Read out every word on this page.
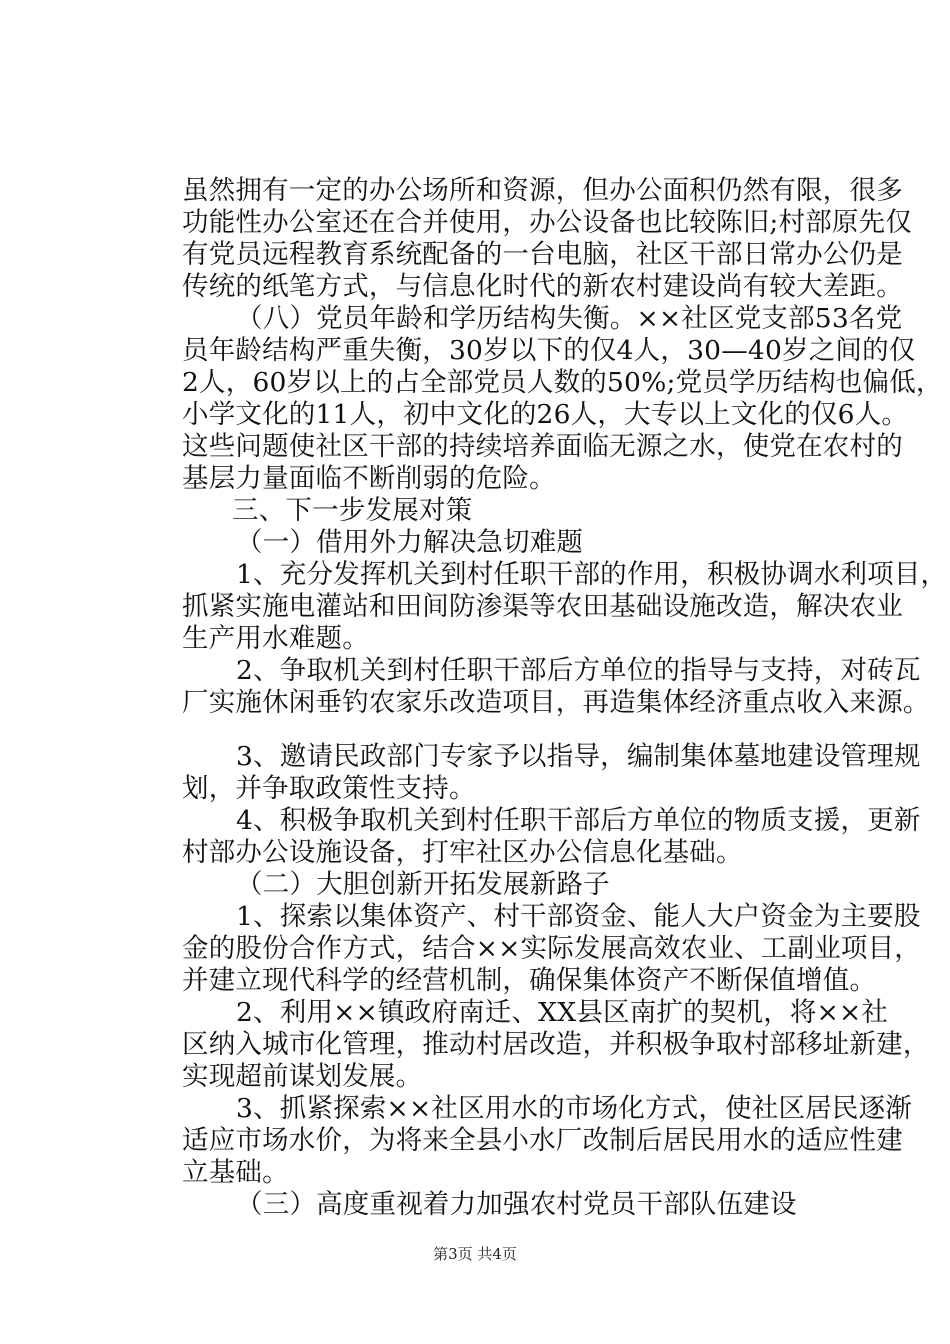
虽然拥有一定的办公场所和资源，但办公面积仍然有限，很多
功能性办公室还在合并使用，办公设备也比较陈旧;村部原先仅
有党员远程教育系统配备的一台电脑，社区干部日常办公仍是
传统的纸笔方式，与信息化时代的新农村建设尚有较大差距。
（八）党员年龄和学历结构失衡。××社区党支部53名党
员年龄结构严重失衡，30岁以下的仅4人，30—40岁之间的仅
2人，60岁以上的占全部党员人数的50%;党员学历结构也偏低，
小学文化的11人，初中文化的26人，大专以上文化的仅6人。
这些问题使社区干部的持续培养面临无源之水，使党在农村的
基层力量面临不断削弱的危险。
三、下一步发展对策
（一）借用外力解决急切难题
1、充分发挥机关到村任职干部的作用，积极协调水利项目，
抓紧实施电灌站和田间防渗渠等农田基础设施改造，解决农业
生产用水难题。
2、争取机关到村任职干部后方单位的指导与支持，对砖瓦
厂实施休闲垂钓农家乐改造项目，再造集体经济重点收入来源。
3、邀请民政部门专家予以指导，编制集体墓地建设管理规
划，并争取政策性支持。
4、积极争取机关到村任职干部后方单位的物质支援，更新
村部办公设施设备，打牢社区办公信息化基础。
（二）大胆创新开拓发展新路子
1、探索以集体资产、村干部资金、能人大户资金为主要股
金的股份合作方式，结合××实际发展高效农业、工副业项目，
并建立现代科学的经营机制，确保集体资产不断保值增值。
2、利用××镇政府南迁、XX县区南扩的契机，将××社
区纳入城市化管理，推动村居改造，并积极争取村部移址新建，
实现超前谋划发展。
3、抓紧探索××社区用水的市场化方式，使社区居民逐渐
适应市场水价，为将来全县小水厂改制后居民用水的适应性建
立基础。
（三）高度重视着力加强农村党员干部队伍建设
第3页 共4页
